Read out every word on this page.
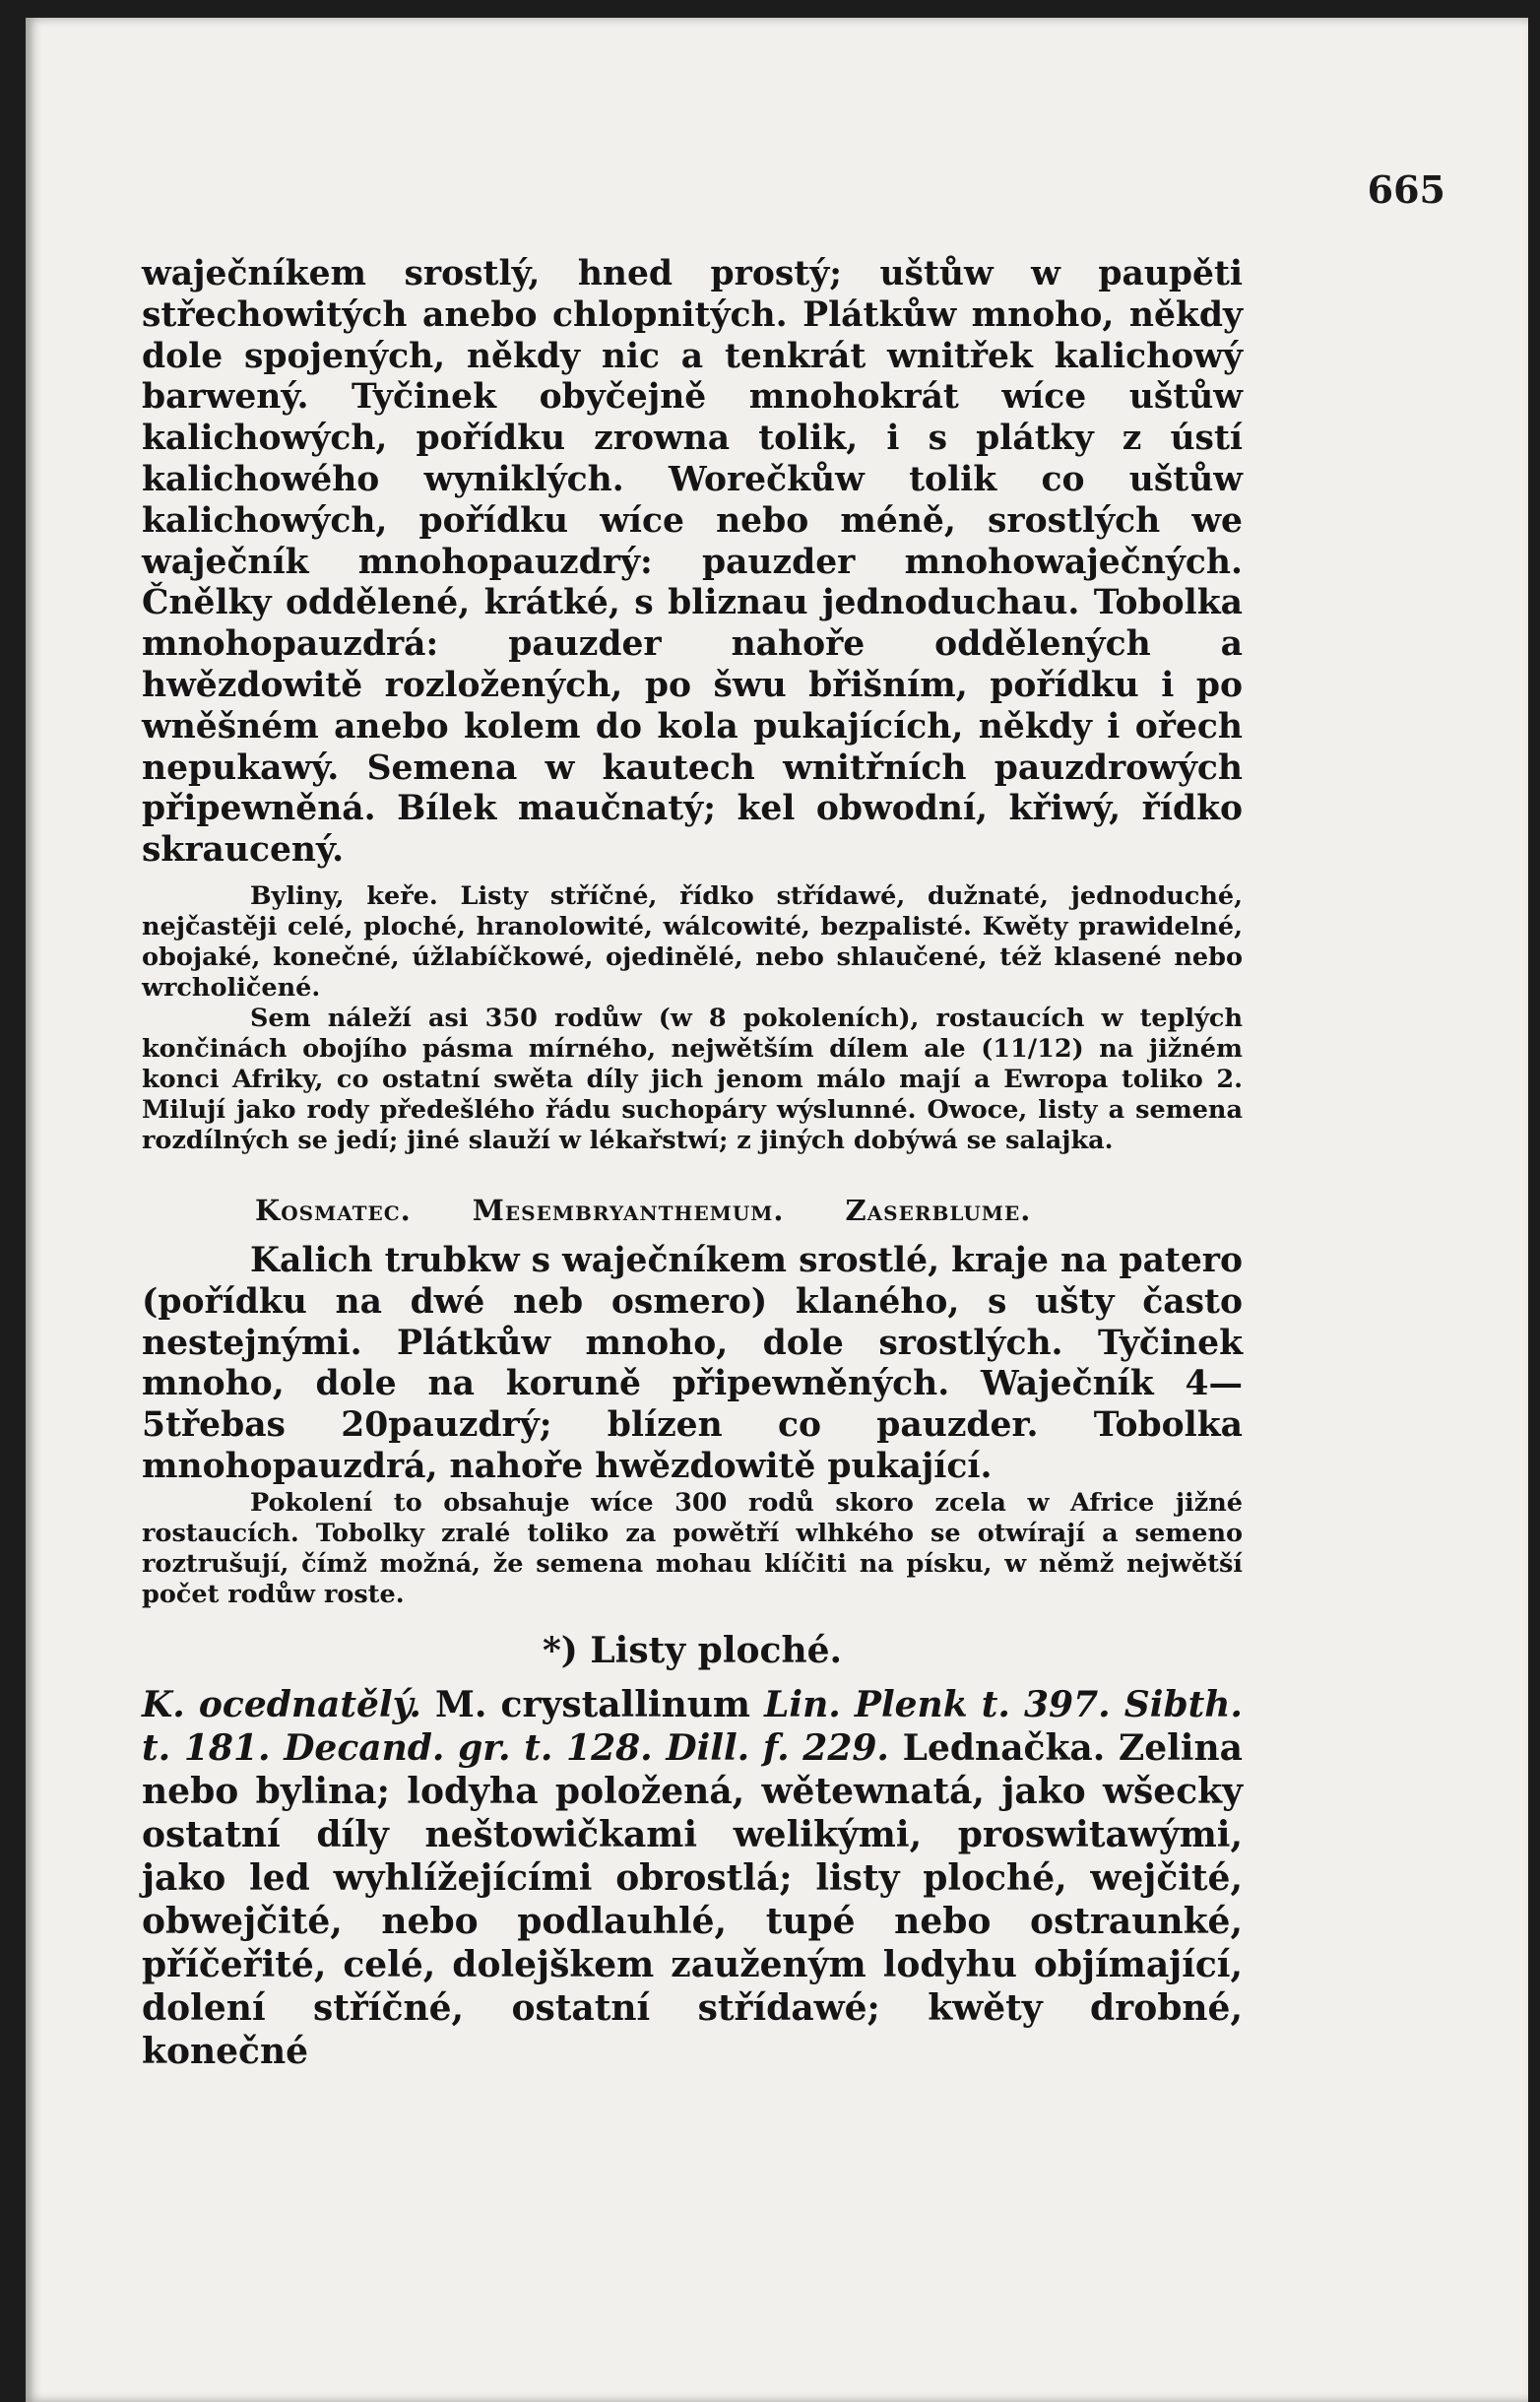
665

waječníkem srostlý, hned prostý; uštůw w paupěti střechowitých anebo chlopnitých. Plátkůw mnoho, někdy dole spojených, někdy nic a tenkrát wnitřek kalichowý barwený. Tyčinek obyčejně mnohokrát wíce uštůw kalichowých, pořídku zrowna tolik, i s plátky z ústí kalichowého wyniklých. Worečkůw tolik co uštůw kalichowých, pořídku wíce nebo méně, srostlých we waječník mnohopauzdrý: pauzder mnohowaječných. Čnělky oddělené, krátké, s bliznau jednoduchau. Tobolka mnohopauzdrá: pauzder nahoře oddělených a hwězdowitě rozložených, po šwu břišním, pořídku i po wněšném anebo kolem do kola pukajících, někdy i ořech nepukawý. Semena w kautech wnitřních pauzdrowých připewněná. Bílek maučnatý; kel obwodní, křiwý, řídko skraucený.

Byliny, keře. Listy stříčné, řídko střídawé, dužnaté, jednoduché, nejčastěji celé, ploché, hranolowité, wálcowité, bezpalisté. Kwěty prawidelné, obojaké, konečné, úžlabíčkowé, ojedinělé, nebo shlaučené, též klasené nebo wrcholičené.

Sem náleží asi 350 rodůw (w 8 pokoleních), rostaucích w teplých končinách obojího pásma mírného, nejwětším dílem ale (11/12) na jižném konci Afriky, co ostatní swěta díly jich jenom málo mají a Ewropa toliko 2. Milují jako rody předešlého řádu suchopáry wýslunné. Owoce, listy a semena rozdílných se jedí; jiné slauží w lékařstwí; z jiných dobýwá se salajka.

Kosmatec. Mesembryanthemum. Zaserblume.

Kalich trubkw s waječníkem srostlé, kraje na patero (pořídku na dwé neb osmero) klaného, s ušty často nestejnými. Plátkůw mnoho, dole srostlých. Tyčinek mnoho, dole na koruně připewněných. Waječník 4—5třebas 20pauzdrý; blízen co pauzder. Tobolka mnohopauzdrá, nahoře hwězdowitě pukající.

Pokolení to obsahuje wíce 300 rodů skoro zcela w Africe jižné rostaucích. Tobolky zralé toliko za powětří wlhkého se otwírají a semeno roztrušují, čímž možná, že semena mohau klíčiti na písku, w němž nejwětší počet rodůw roste.

*) Listy ploché.

K. ocednatělý. M. crystallinum Lin. Plenk t. 397. Sibth. t. 181. Decand. gr. t. 128. Dill. f. 229. Lednačka. Zelina nebo bylina; lodyha položená, wětewnatá, jako wšecky ostatní díly neštowičkami welikými, proswitawými, jako led wyhlížejícími obrostlá; listy ploché, wejčité, obwejčité, nebo podlauhlé, tupé nebo ostraunké, příčeřité, celé, dolejškem zauženým lodyhu objímající, dolení stříčné, ostatní střídawé; kwěty drobné, konečné
